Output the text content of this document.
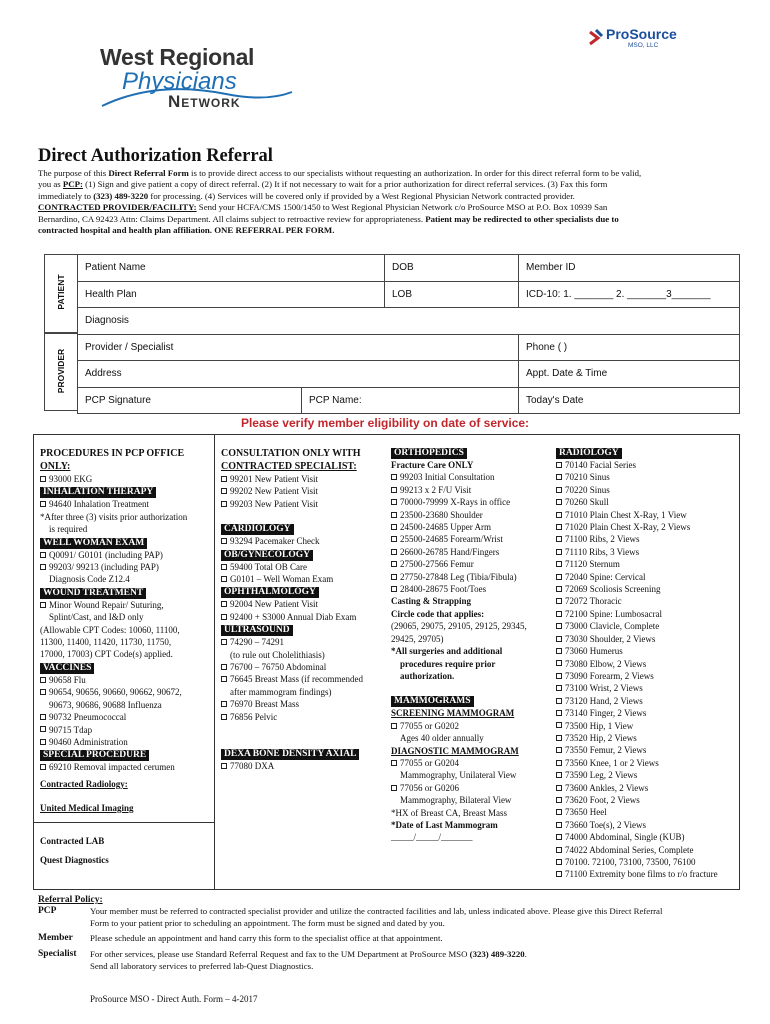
West Regional
Physicians
Network
ProSource
MSO, LLC
Direct Authorization Referral
The purpose of this Direct Referral Form is to provide direct access to our specialists without requesting an authorization. In order for this direct referral form to be valid,
you as PCP: (1) Sign and give patient a copy of direct referral. (2) It if not necessary to wait for a prior authorization for direct referral services. (3) Fax this form
immediately to (323) 489-3220 for processing. (4) Services will be covered only if provided by a West Regional Physician Network contracted provider.
CONTRACTED PROVIDER/FACILITY: Send your HCFA/CMS 1500/1450 to West Regional Physician Network c/o ProSource MSO at P.O. Box 10939 San
Bernardino, CA 92423 Attn: Claims Department. All claims subject to retroactive review for appropriateness. Patient may be redirected to other specialists due to
contracted hospital and health plan affiliation. ONE REFERRAL PER FORM.
PATIENT
PROVIDER
Patient Name		DOB	Member ID
Health Plan		LOB	ICD-10: 1. _______ 2. _______3_______
Diagnosis			
Provider / Specialist			Phone ( )
Address			Appt. Date & Time
PCP Signature	PCP Name:		Today's Date
Please verify member eligibility on date of service:
PROCEDURES IN PCP OFFICE
ONLY:
93000 EKG
INHALATION THERAPY
94640 Inhalation Treatment
*After three (3) visits prior authorization
is required
WELL WOMAN EXAM
Q0091/ G0101 (including PAP)
99203/ 99213 (including PAP)
Diagnosis Code Z12.4
WOUND TREATMENT
Minor Wound Repair/ Suturing,
Splint/Cast, and I&D only
(Allowable CPT Codes: 10060, 11100,
11300, 11400, 11420, 11730, 11750,
17000, 17003) CPT Code(s) applied.
VACCINES
90658 Flu
90654, 90656, 90660, 90662, 90672,
90673, 90686, 90688 Influenza
90732 Pneumococcal
90715 Tdap
90460 Administration
SPECIAL PROCEDURE
69210 Removal impacted cerumen
Contracted Radiology:
United Medical Imaging
Contracted LAB
Quest Diagnostics
CONSULTATION ONLY WITH
CONTRACTED SPECIALIST:
99201 New Patient Visit
99202 New Patient Visit
99203 New Patient Visit
CARDIOLOGY
93294 Pacemaker Check
OB/GYNECOLOGY
59400 Total OB Care
G0101 – Well Woman Exam
OPHTHALMOLOGY
92004 New Patient Visit
92400 + S3000 Annual Diab Exam
ULTRASOUND
74290 – 74291
(to rule out Cholelithiasis)
76700 – 76750 Abdominal
76645 Breast Mass (if recommended
after mammogram findings)
76970 Breast Mass
76856 Pelvic
DEXA BONE DENSITY AXIAL
77080 DXA
ORTHOPEDICS
Fracture Care ONLY
99203 Initial Consultation
99213 x 2 F/U Visit
70000-79999 X-Rays in office
23500-23680 Shoulder
24500-24685 Upper Arm
25500-24685 Forearm/Wrist
26600-26785 Hand/Fingers
27500-27566 Femur
27750-27848 Leg (Tibia/Fibula)
28400-28675 Foot/Toes
Casting & Strapping
Circle code that applies:
(29065, 29075, 29105, 29125, 29345,
29425, 29705)
*All surgeries and additional
procedures require prior
authorization.
MAMMOGRAMS
SCREENING MAMMOGRAM
77055 or G0202
Ages 40 older annually
DIAGNOSTIC MAMMOGRAM
77055 or G0204
Mammography, Unilateral View
77056 or G0206
Mammography, Bilateral View
*HX of Breast CA, Breast Mass
*Date of Last Mammogram
_____/_____/_______
RADIOLOGY
70140 Facial Series
70210 Sinus
70220 Sinus
70260 Skull
71010 Plain Chest X-Ray, 1 View
71020 Plain Chest X-Ray, 2 Views
71100 Ribs, 2 Views
71110 Ribs, 3 Views
71120 Sternum
72040 Spine: Cervical
72069 Scoliosis Screening
72072 Thoracic
72100 Spine: Lumbosacral
73000 Clavicle, Complete
73030 Shoulder, 2 Views
73060 Humerus
73080 Elbow, 2 Views
73090 Forearm, 2 Views
73100 Wrist, 2 Views
73120 Hand, 2 Views
73140 Finger, 2 Views
73500 Hip, 1 View
73520 Hip, 2 Views
73550 Femur, 2 Views
73560 Knee, 1 or 2 Views
73590 Leg, 2 Views
73600 Ankles, 2 Views
73620 Foot, 2 Views
73650 Heel
73660 Toe(s), 2 Views
74000 Abdominal, Single (KUB)
74022 Abdominal Series, Complete
70100. 72100, 73100, 73500, 76100
71100 Extremity bone films to r/o fracture
Referral Policy:
PCP	Your member must be referred to contracted specialist provider and utilize the contracted facilities and lab, unless indicated above. Please give this Direct Referral
Form to your patient prior to scheduling an appointment. The form must be signed and dated by you.
Member Please schedule an appointment and hand carry this form to the specialist office at that appointment.
Specialist For other services, please use Standard Referral Request and fax to the UM Department at ProSource MSO (323) 489-3220.
Send all laboratory services to preferred lab-Quest Diagnostics.
ProSource MSO - Direct Auth. Form – 4-2017
